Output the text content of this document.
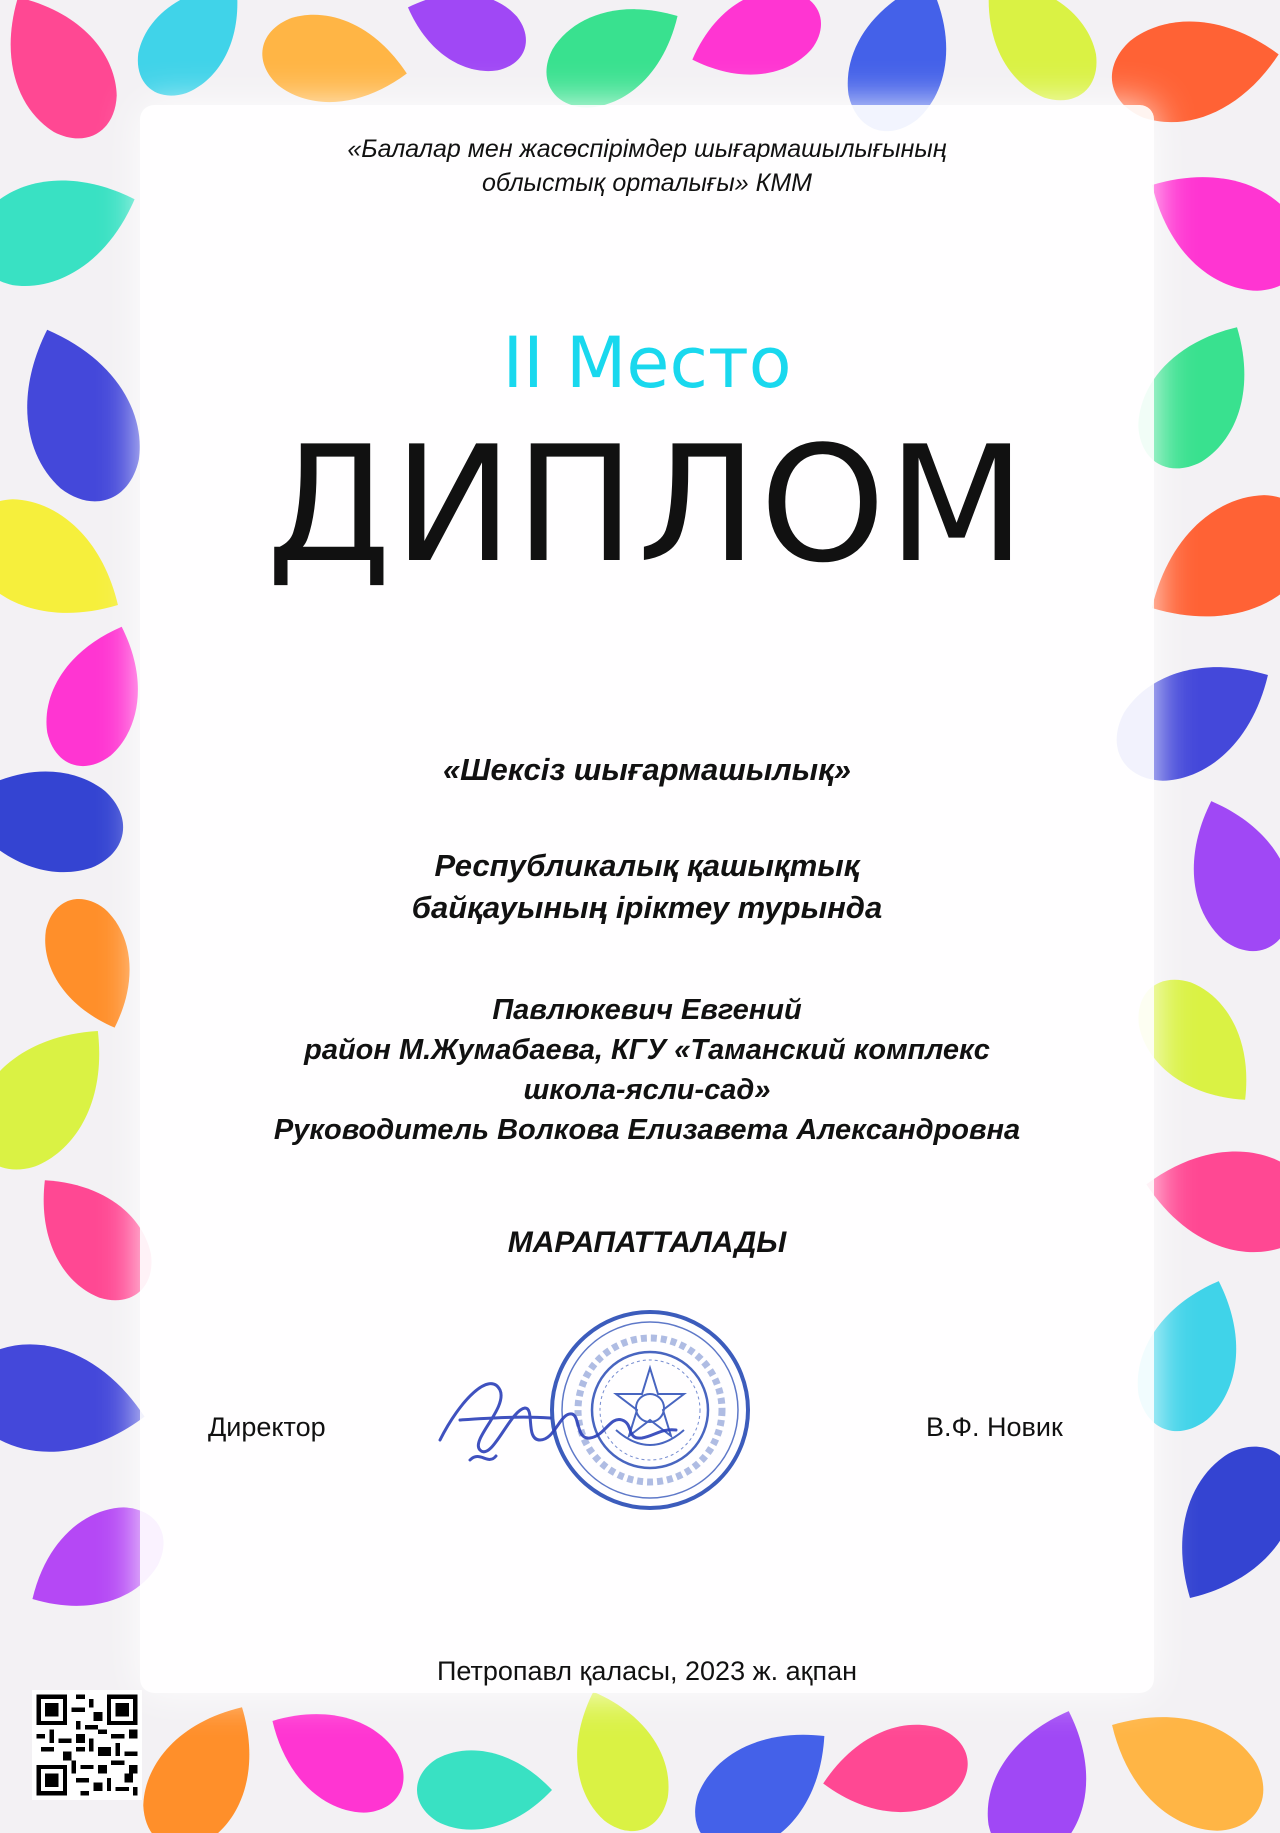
«Балалар мен жасөспірімдер шығармашылығының
облыстық орталығы» КММ
II Место
ДИПЛОМ
«Шексіз шығармашылық»
Республикалық қашықтық
байқауының іріктеу турында
Павлюкевич Евгений
район М.Жумабаева, КГУ «Таманский комплекс
школа-ясли-сад»
Руководитель Волкова Елизавета Александровна
МАРАПАТТАЛАДЫ
Директор	В.Ф. Новик
Петропавл қаласы, 2023 ж. ақпан
